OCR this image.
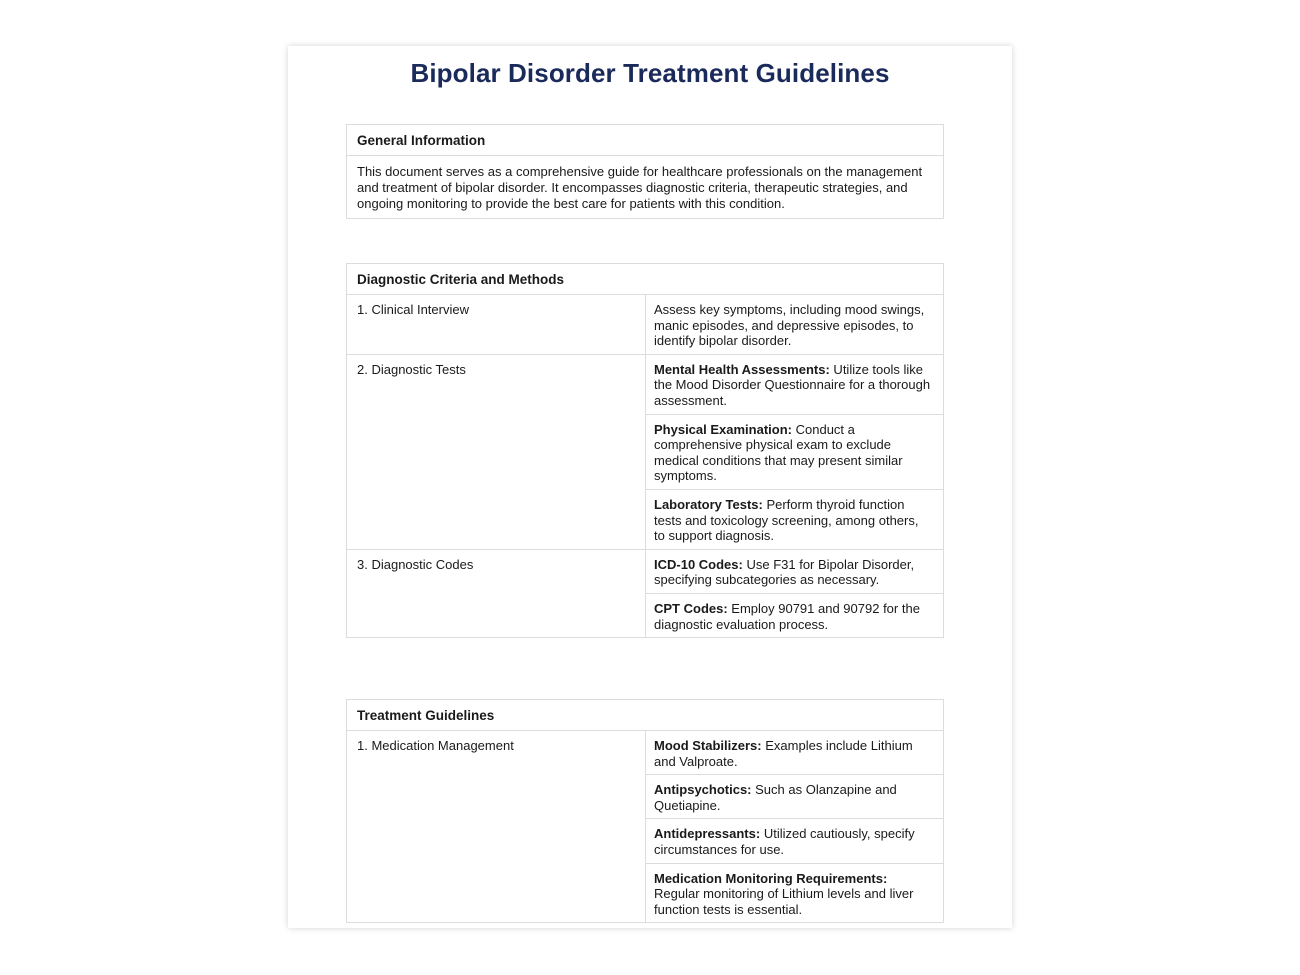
Bipolar Disorder Treatment Guidelines
General Information
This document serves as a comprehensive guide for healthcare professionals on the management and treatment of bipolar disorder. It encompasses diagnostic criteria, therapeutic strategies, and ongoing monitoring to provide the best care for patients with this condition.
Diagnostic Criteria and Methods
1. Clinical Interview	Assess key symptoms, including mood swings, manic episodes, and depressive episodes, to identify bipolar disorder.
2. Diagnostic Tests	Mental Health Assessments: Utilize tools like the Mood Disorder Questionnaire for a thorough assessment.
Physical Examination: Conduct a comprehensive physical exam to exclude medical conditions that may present similar symptoms.
Laboratory Tests: Perform thyroid function tests and toxicology screening, among others, to support diagnosis.
3. Diagnostic Codes	ICD-10 Codes: Use F31 for Bipolar Disorder, specifying subcategories as necessary.
CPT Codes: Employ 90791 and 90792 for the diagnostic evaluation process.
Treatment Guidelines
1. Medication Management	Mood Stabilizers: Examples include Lithium and Valproate.
Antipsychotics: Such as Olanzapine and Quetiapine.
Antidepressants: Utilized cautiously, specify circumstances for use.
Medication Monitoring Requirements: Regular monitoring of Lithium levels and liver function tests is essential.
